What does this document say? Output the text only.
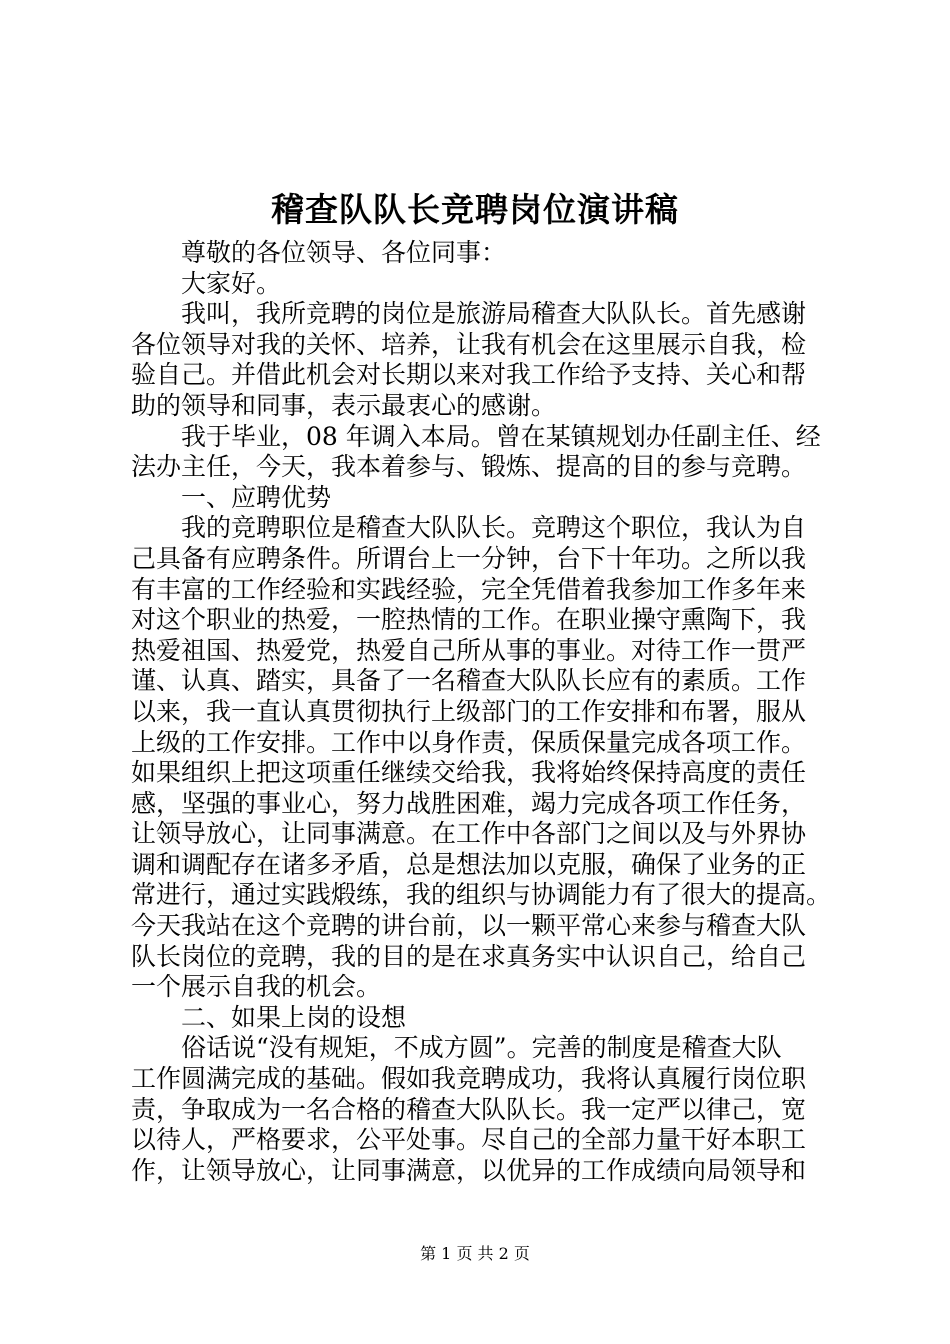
稽查队队长竞聘岗位演讲稿
尊敬的各位领导、各位同事：
大家好。
我叫，我所竞聘的岗位是旅游局稽查大队队长。首先感谢
各位领导对我的关怀、培养，让我有机会在这里展示自我，检
验自己。并借此机会对长期以来对我工作给予支持、关心和帮
助的领导和同事，表示最衷心的感谢。
我于毕业，08 年调入本局。曾在某镇规划办任副主任、经
法办主任，今天，我本着参与、锻炼、提高的目的参与竞聘。
一、应聘优势
我的竞聘职位是稽查大队队长。竞聘这个职位，我认为自
己具备有应聘条件。所谓台上一分钟，台下十年功。之所以我
有丰富的工作经验和实践经验，完全凭借着我参加工作多年来
对这个职业的热爱，一腔热情的工作。在职业操守熏陶下，我
热爱祖国、热爱党，热爱自己所从事的事业。对待工作一贯严
谨、认真、踏实，具备了一名稽查大队队长应有的素质。工作
以来，我一直认真贯彻执行上级部门的工作安排和布署，服从
上级的工作安排。工作中以身作责，保质保量完成各项工作。
如果组织上把这项重任继续交给我，我将始终保持高度的责任
感，坚强的事业心，努力战胜困难，竭力完成各项工作任务，
让领导放心，让同事满意。在工作中各部门之间以及与外界协
调和调配存在诸多矛盾，总是想法加以克服，确保了业务的正
常进行，通过实践煅练，我的组织与协调能力有了很大的提高。
今天我站在这个竞聘的讲台前，以一颗平常心来参与稽查大队
队长岗位的竞聘，我的目的是在求真务实中认识自己，给自己
一个展示自我的机会。
二、如果上岗的设想
俗话说“没有规矩，不成方圆”。完善的制度是稽查大队
工作圆满完成的基础。假如我竞聘成功，我将认真履行岗位职
责，争取成为一名合格的稽查大队队长。我一定严以律己，宽
以待人，严格要求，公平处事。尽自己的全部力量干好本职工
作，让领导放心，让同事满意，以优异的工作成绩向局领导和
第 1 页 共 2 页
